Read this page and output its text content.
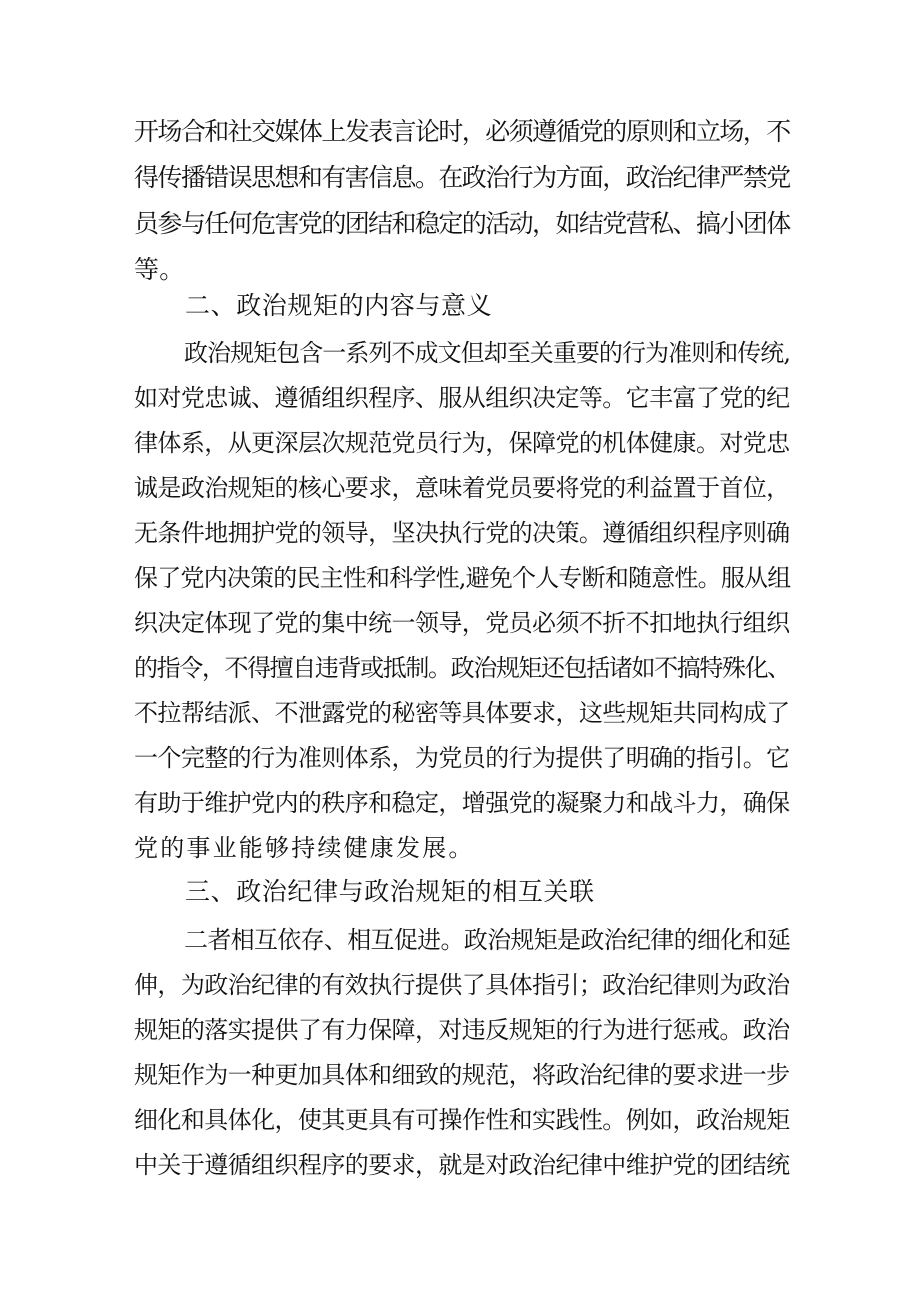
开场合和社交媒体上发表言论时，必须遵循党的原则和立场，不
得传播错误思想和有害信息。在政治行为方面，政治纪律严禁党
员参与任何危害党的团结和稳定的活动，如结党营私、搞小团体
等。
二、政治规矩的内容与意义
政治规矩包含一系列不成文但却至关重要的行为准则和传统,
如对党忠诚、遵循组织程序、服从组织决定等。它丰富了党的纪
律体系，从更深层次规范党员行为，保障党的机体健康。对党忠
诚是政治规矩的核心要求，意味着党员要将党的利益置于首位，
无条件地拥护党的领导，坚决执行党的决策。遵循组织程序则确
保了党内决策的民主性和科学性,避免个人专断和随意性。服从组
织决定体现了党的集中统一领导，党员必须不折不扣地执行组织
的指令，不得擅自违背或抵制。政治规矩还包括诸如不搞特殊化、
不拉帮结派、不泄露党的秘密等具体要求，这些规矩共同构成了
一个完整的行为准则体系，为党员的行为提供了明确的指引。它
有助于维护党内的秩序和稳定，增强党的凝聚力和战斗力，确保
党的事业能够持续健康发展。
三、政治纪律与政治规矩的相互关联
二者相互依存、相互促进。政治规矩是政治纪律的细化和延
伸，为政治纪律的有效执行提供了具体指引；政治纪律则为政治
规矩的落实提供了有力保障，对违反规矩的行为进行惩戒。政治
规矩作为一种更加具体和细致的规范，将政治纪律的要求进一步
细化和具体化，使其更具有可操作性和实践性。例如，政治规矩
中关于遵循组织程序的要求，就是对政治纪律中维护党的团结统
